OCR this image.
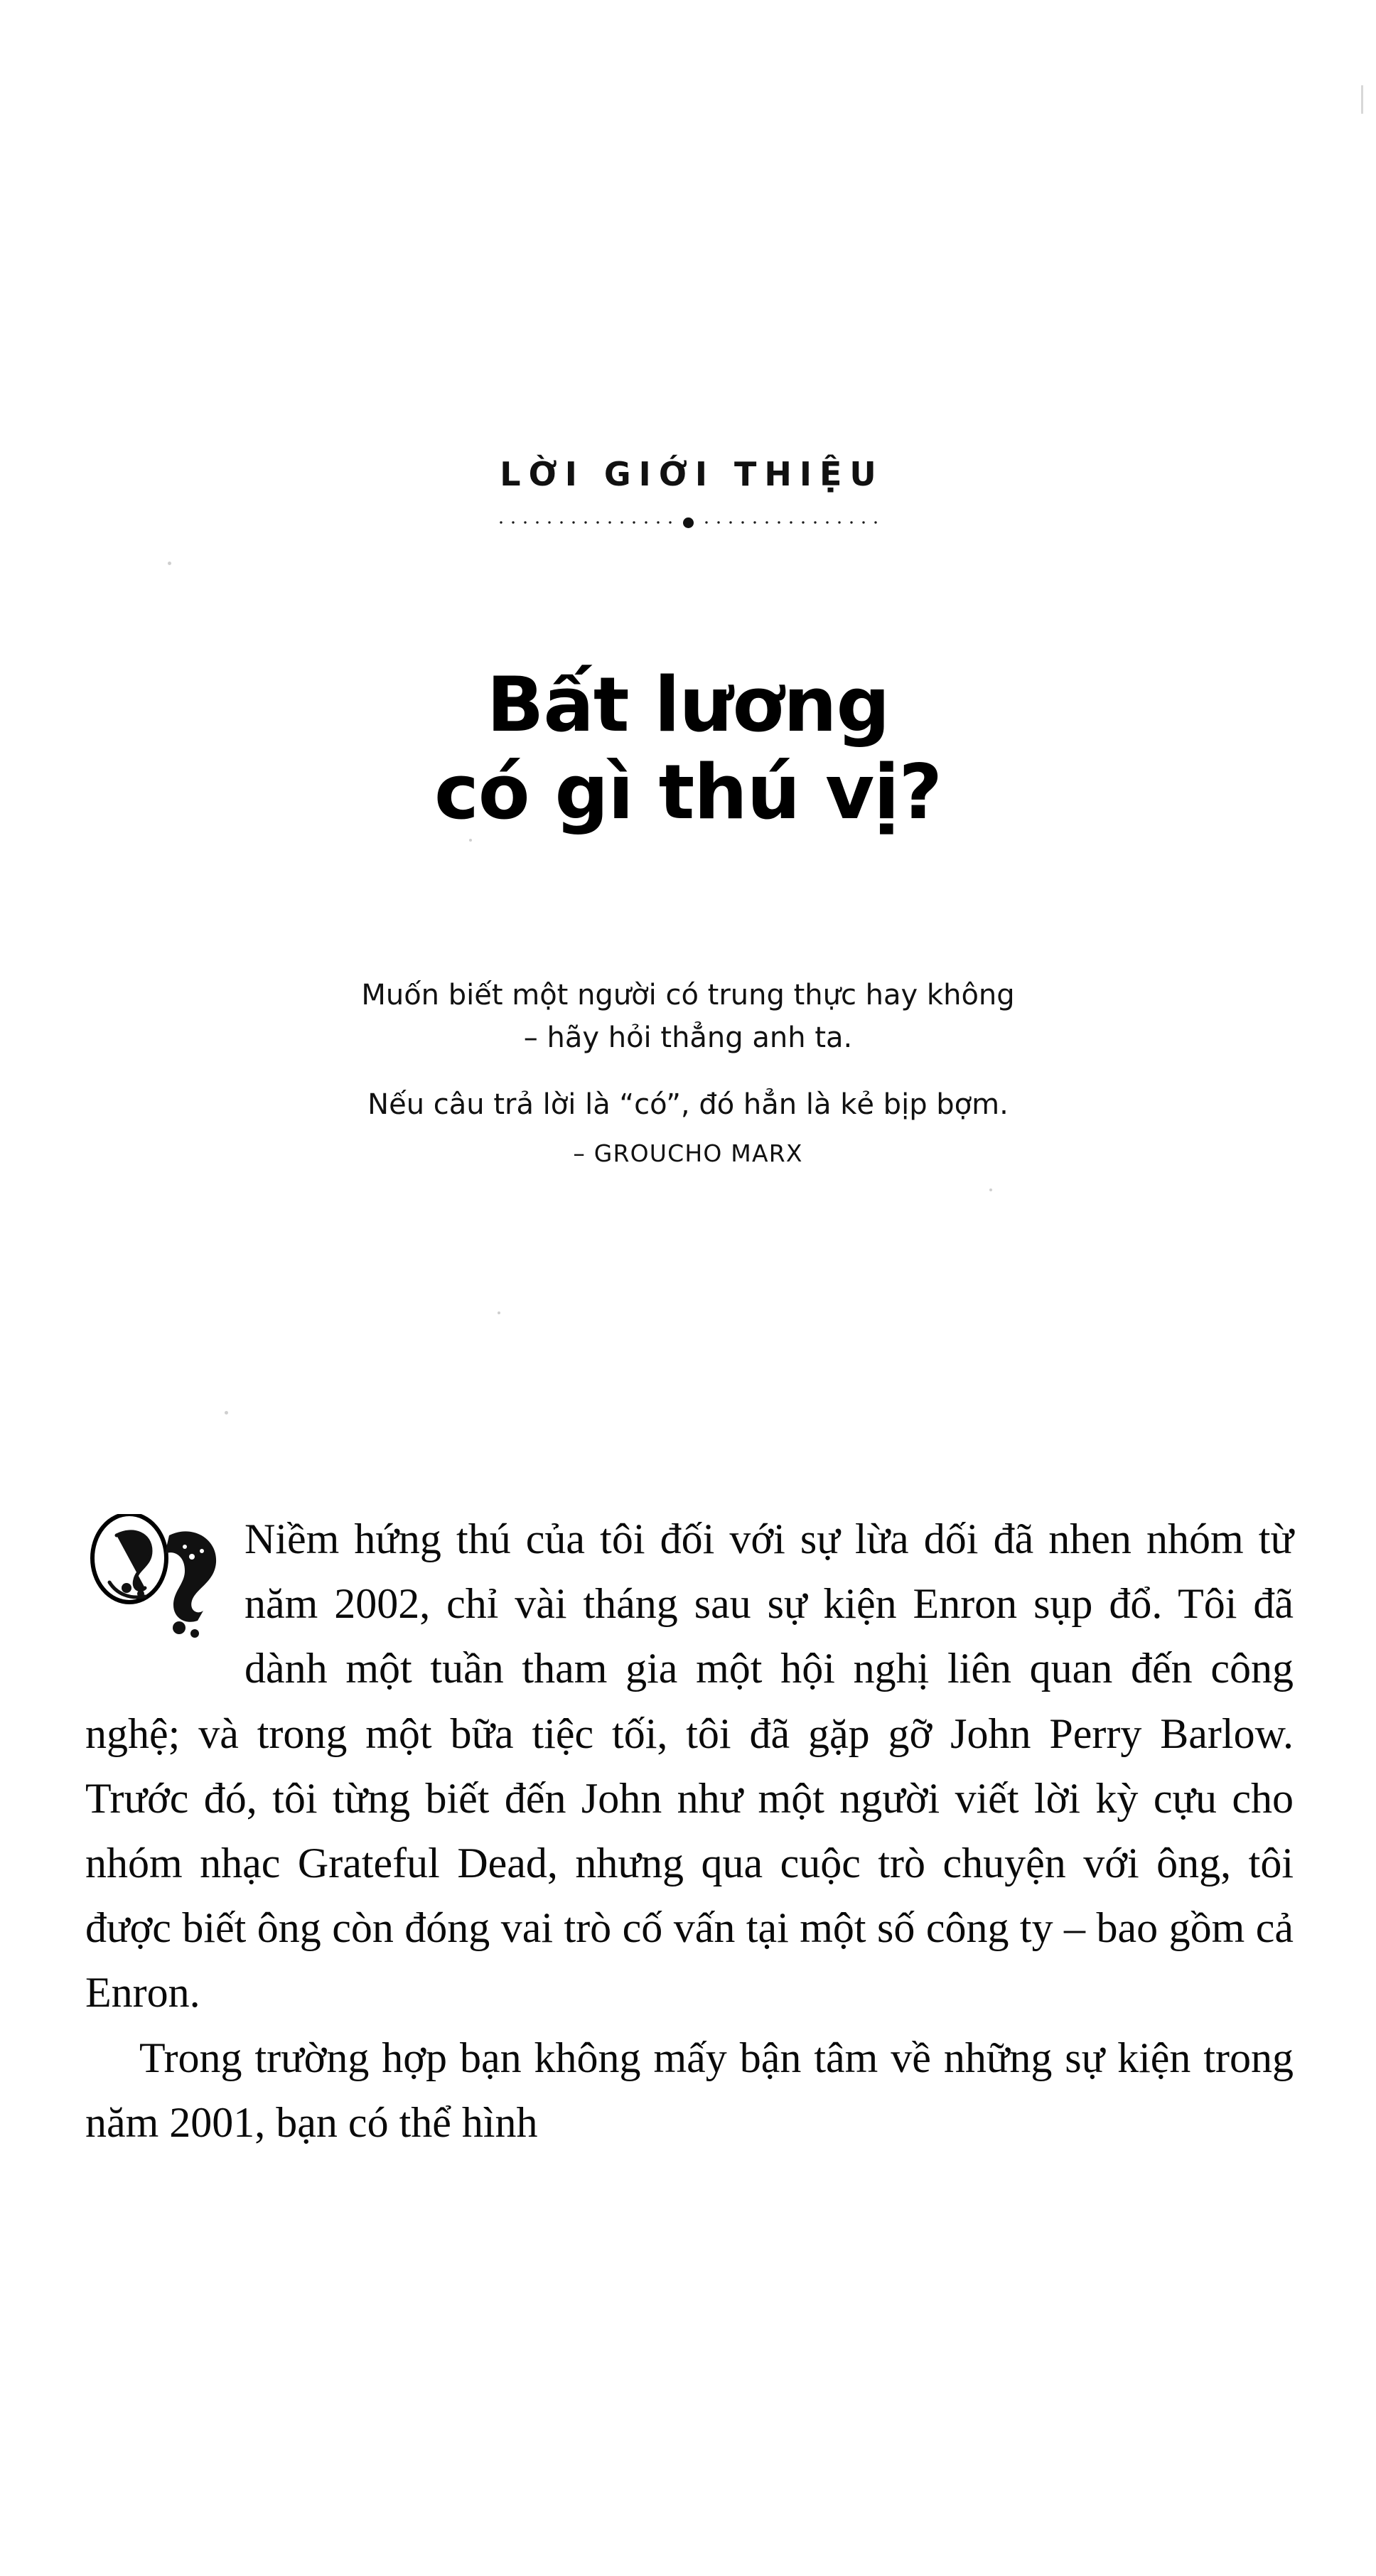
LỜI GIỚI THIỆU
Bất lương
có gì thú vị?
Muốn biết một người có trung thực hay không
– hãy hỏi thẳng anh ta.
Nếu câu trả lời là “có”, đó hẳn là kẻ bịp bợm.
– GROUCHO MARX

Niềm hứng thú của tôi đối với sự lừa dối đã nhen nhóm từ năm 2002, chỉ vài tháng sau sự kiện Enron sụp đổ. Tôi đã dành một tuần tham gia một hội nghị liên quan đến công nghệ; và trong một bữa tiệc tối, tôi đã gặp gỡ John Perry Barlow. Trước đó, tôi từng biết đến John như một người viết lời kỳ cựu cho nhóm nhạc Grateful Dead, nhưng qua cuộc trò chuyện với ông, tôi được biết ông còn đóng vai trò cố vấn tại một số công ty – bao gồm cả Enron.

Trong trường hợp bạn không mấy bận tâm về những sự kiện trong năm 2001, bạn có thể hình
